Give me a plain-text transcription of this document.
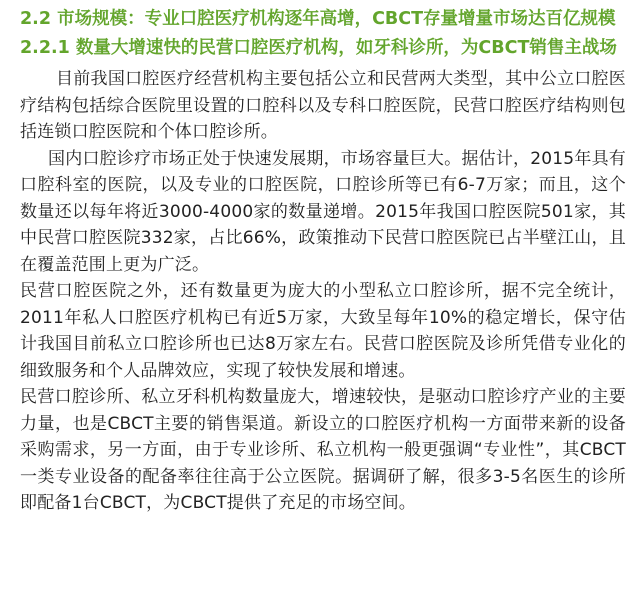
2.2 市场规模：专业口腔医疗机构逐年高增，CBCT存量增量市场达百亿规模
2.2.1 数量大增速快的民营口腔医疗机构，如牙科诊所，为CBCT销售主战场

目前我国口腔医疗经营机构主要包括公立和民营两大类型，其中公立口腔医疗结构包括综合医院里设置的口腔科以及专科口腔医院，民营口腔医疗结构则包括连锁口腔医院和个体口腔诊所。

国内口腔诊疗市场正处于快速发展期，市场容量巨大。据估计，2015年具有口腔科室的医院，以及专业的口腔医院，口腔诊所等已有6-7万家；而且，这个数量还以每年将近3000-4000家的数量递增。2015年我国口腔医院501家，其中民营口腔医院332家，占比66%，政策推动下民营口腔医院已占半壁江山，且在覆盖范围上更为广泛。

民营口腔医院之外，还有数量更为庞大的小型私立口腔诊所，据不完全统计，2011年私人口腔医疗机构已有近5万家，大致呈每年10%的稳定增长，保守估计我国目前私立口腔诊所也已达8万家左右。民营口腔医院及诊所凭借专业化的细致服务和个人品牌效应，实现了较快发展和增速。

民营口腔诊所、私立牙科机构数量庞大，增速较快，是驱动口腔诊疗产业的主要力量，也是CBCT主要的销售渠道。新设立的口腔医疗机构一方面带来新的设备采购需求，另一方面，由于专业诊所、私立机构一般更强调“专业性”，其CBCT一类专业设备的配备率往往高于公立医院。据调研了解，很多3-5名医生的诊所即配备1台CBCT，为CBCT提供了充足的市场空间。
